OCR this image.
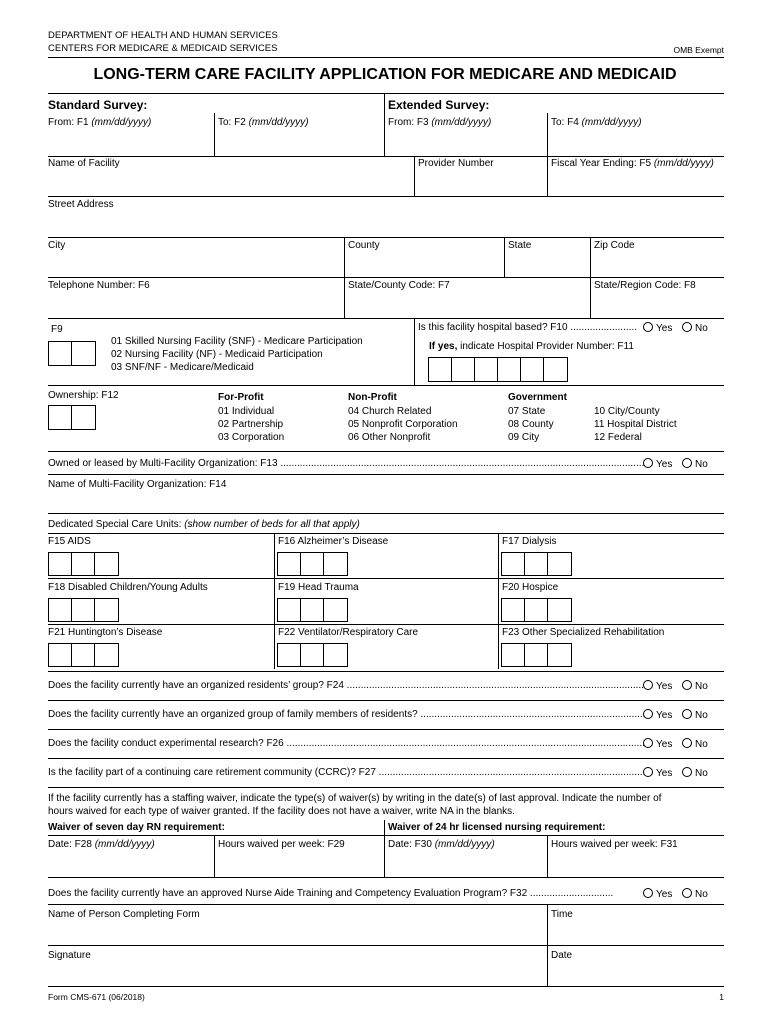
DEPARTMENT OF HEALTH AND HUMAN SERVICES
CENTERS FOR MEDICARE & MEDICAID SERVICES	OMB Exempt
LONG-TERM CARE FACILITY APPLICATION FOR MEDICARE AND MEDICAID
Standard Survey:	Extended Survey:
From: F1 (mm/dd/yyyy)	To: F2 (mm/dd/yyyy)	From: F3 (mm/dd/yyyy)	To: F4 (mm/dd/yyyy)
Name of Facility	Provider Number	Fiscal Year Ending: F5 (mm/dd/yyyy)
Street Address
City	County	State	Zip Code
Telephone Number: F6	State/County Code: F7	State/Region Code: F8
F9
01 Skilled Nursing Facility (SNF) - Medicare Participation
02 Nursing Facility (NF) - Medicaid Participation
03 SNF/NF - Medicare/Medicaid
Is this facility hospital based? F10 ........................	Yes	No
If yes, indicate Hospital Provider Number: F11
Ownership: F12	For-Profit
01 Individual
02 Partnership
03 Corporation
Non-Profit
04 Church Related
05 Nonprofit Corporation
06 Other Nonprofit
Government
07 State
08 County
09 City
10 City/County
11 Hospital District
12 Federal
Owned or leased by Multi-Facility Organization: F13 .....	Yes	No
Name of Multi-Facility Organization: F14
Dedicated Special Care Units: (show number of beds for all that apply)
F15 AIDS	F16 Alzheimer’s Disease	F17 Dialysis
F18 Disabled Children/Young Adults	F19 Head Trauma	F20 Hospice
F21 Huntington’s Disease	F22 Ventilator/Respiratory Care	F23 Other Specialized Rehabilitation
Does the facility currently have an organized residents’ group? F24 .....	Yes	No
Does the facility currently have an organized group of family members of residents? .....	Yes	No
Does the facility conduct experimental research? F26 .....	Yes	No
Is the facility part of a continuing care retirement community (CCRC)? F27 .....	Yes	No
If the facility currently has a staffing waiver, indicate the type(s) of waiver(s) by writing in the date(s) of last approval. Indicate the number of
hours waived for each type of waiver granted. If the facility does not have a waiver, write NA in the blanks.
Waiver of seven day RN requirement:	Waiver of 24 hr licensed nursing requirement:
Date: F28 (mm/dd/yyyy)	Hours waived per week: F29	Date: F30 (mm/dd/yyyy)	Hours waived per week: F31
Does the facility currently have an approved Nurse Aide Training and Competency Evaluation Program? F32 ..............................	Yes	No
Name of Person Completing Form	Time
Signature	Date
Form CMS-671 (06/2018)	1
